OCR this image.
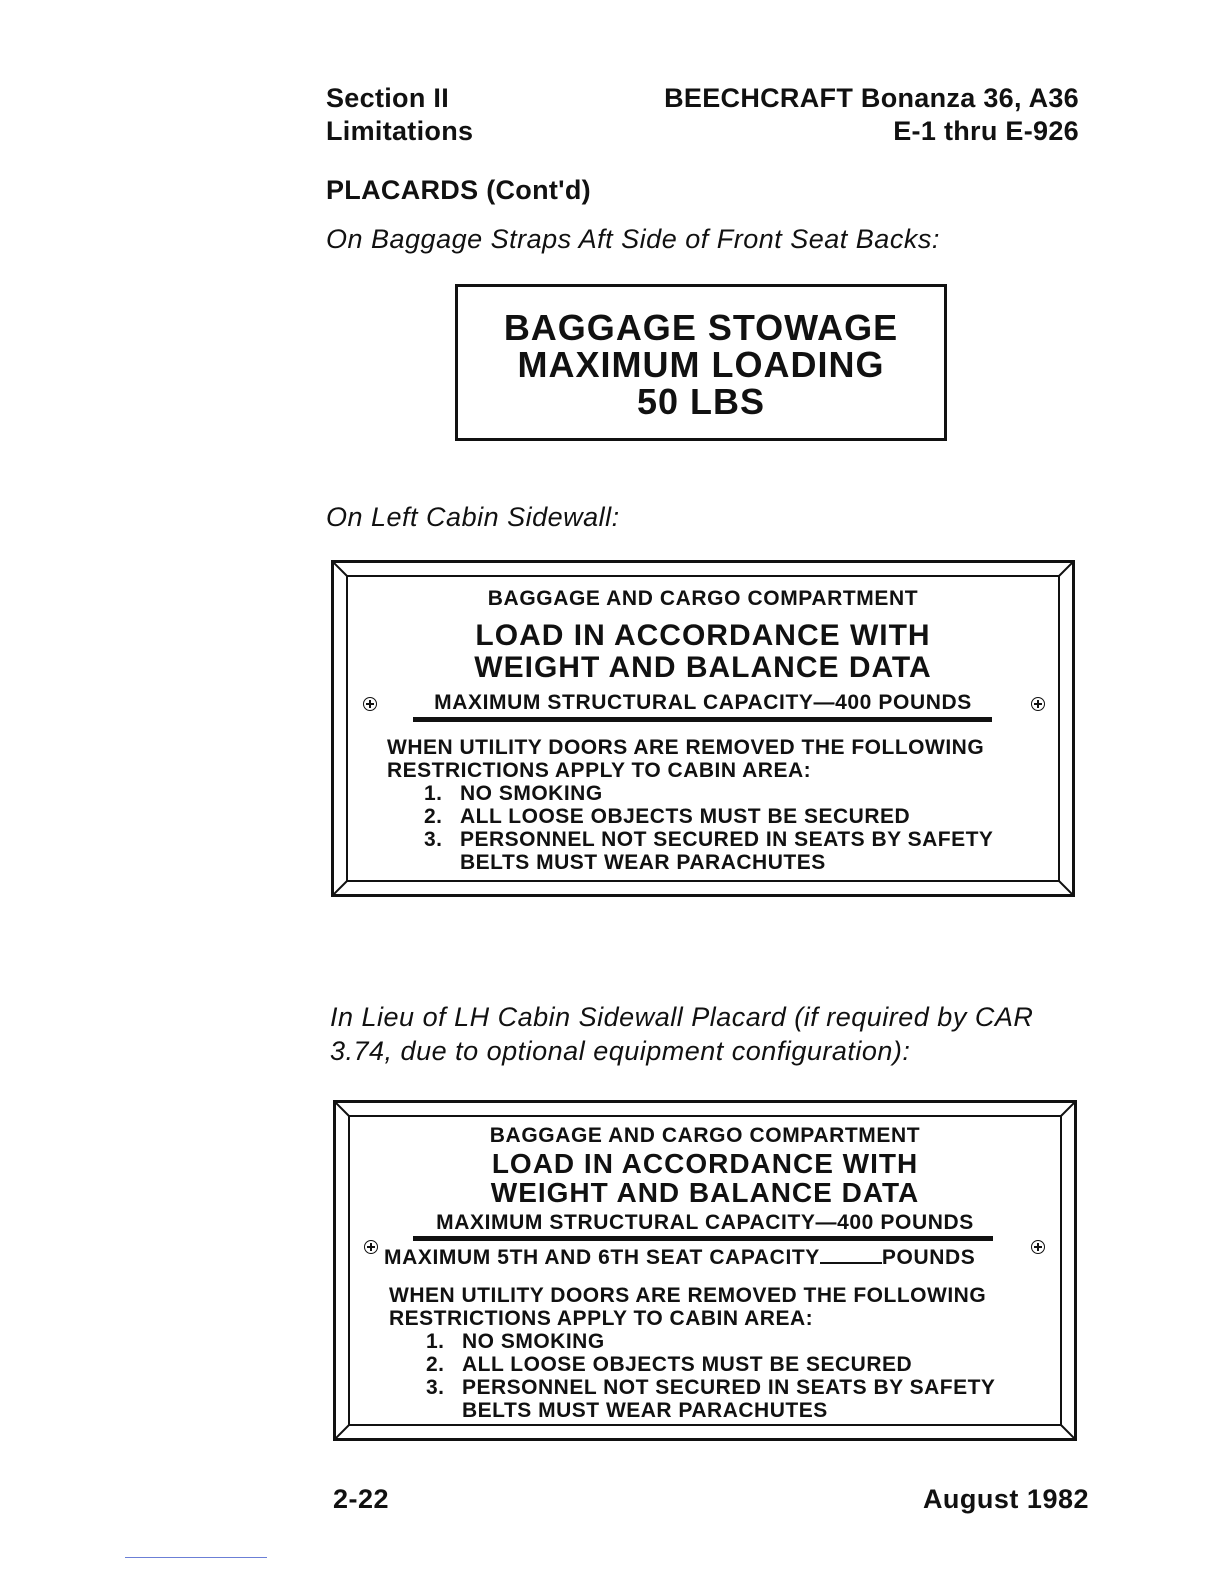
Section II
Limitations
BEECHCRAFT Bonanza 36, A36
E-1 thru E-926
PLACARDS (Cont'd)
On Baggage Straps Aft Side of Front Seat Backs:
BAGGAGE STOWAGE
MAXIMUM LOADING
50 LBS
On Left Cabin Sidewall:
BAGGAGE AND CARGO COMPARTMENT
LOAD IN ACCORDANCE WITH
WEIGHT AND BALANCE DATA
MAXIMUM STRUCTURAL CAPACITY—400 POUNDS
WHEN UTILITY DOORS ARE REMOVED THE FOLLOWING
RESTRICTIONS APPLY TO CABIN AREA:
1. NO SMOKING
2. ALL LOOSE OBJECTS MUST BE SECURED
3. PERSONNEL NOT SECURED IN SEATS BY SAFETY
BELTS MUST WEAR PARACHUTES
In Lieu of LH Cabin Sidewall Placard (if required by CAR
3.74, due to optional equipment configuration):
BAGGAGE AND CARGO COMPARTMENT
LOAD IN ACCORDANCE WITH
WEIGHT AND BALANCE DATA
MAXIMUM STRUCTURAL CAPACITY—400 POUNDS
MAXIMUM 5TH AND 6TH SEAT CAPACITY	POUNDS
WHEN UTILITY DOORS ARE REMOVED THE FOLLOWING
RESTRICTIONS APPLY TO CABIN AREA:
1. NO SMOKING
2. ALL LOOSE OBJECTS MUST BE SECURED
3. PERSONNEL NOT SECURED IN SEATS BY SAFETY
BELTS MUST WEAR PARACHUTES
2-22	August 1982
